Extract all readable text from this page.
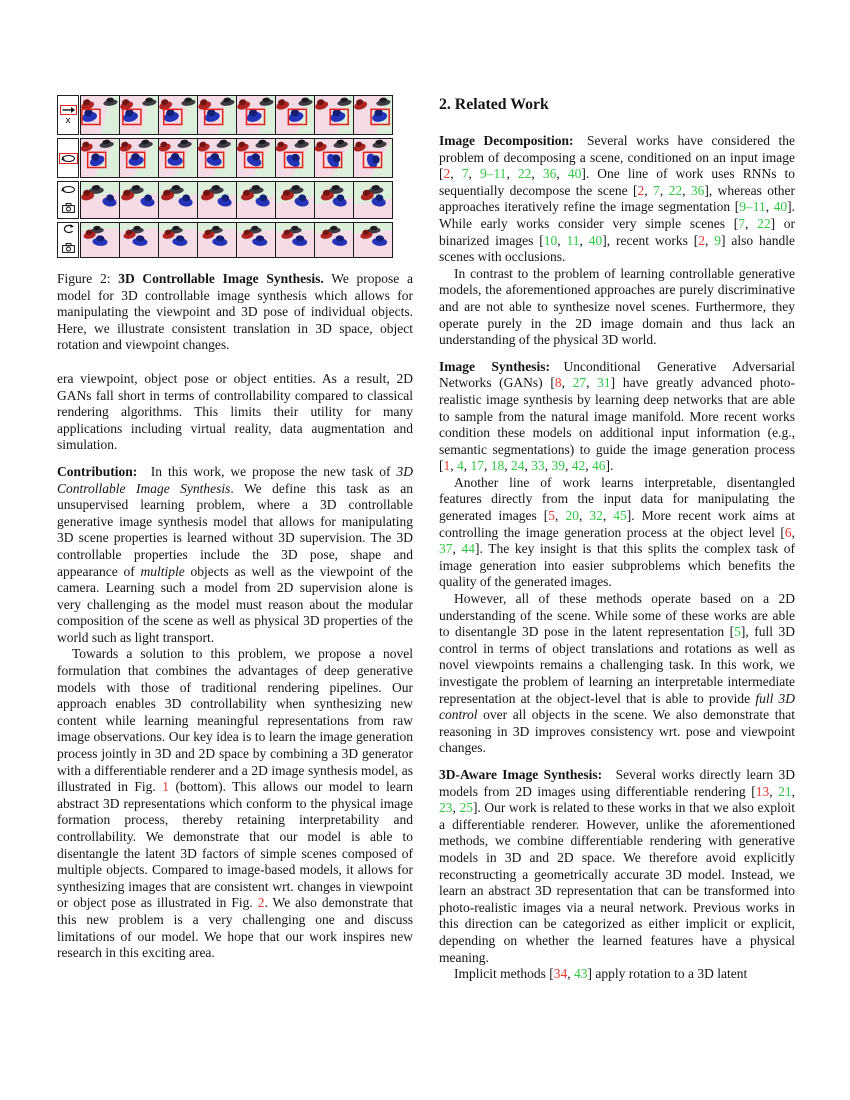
x
Figure 2: 3D Controllable Image Synthesis. We propose a model for 3D controllable image synthesis which allows for manipulating the viewpoint and 3D pose of individual objects. Here, we illustrate consistent translation in 3D space, object rotation and viewpoint changes.
era viewpoint, object pose or object entities. As a result, 2D GANs fall short in terms of controllability compared to classical rendering algorithms. This limits their utility for many applications including virtual reality, data augmentation and simulation.
Contribution:  In this work, we propose the new task of 3D Controllable Image Synthesis. We define this task as an unsupervised learning problem, where a 3D controllable generative image synthesis model that allows for manipulating 3D scene properties is learned without 3D supervision. The 3D controllable properties include the 3D pose, shape and appearance of multiple objects as well as the viewpoint of the camera. Learning such a model from 2D supervision alone is very challenging as the model must reason about the modular composition of the scene as well as physical 3D properties of the world such as light transport.
Towards a solution to this problem, we propose a novel formulation that combines the advantages of deep generative models with those of traditional rendering pipelines. Our approach enables 3D controllability when synthesizing new content while learning meaningful representations from raw image observations. Our key idea is to learn the image generation process jointly in 3D and 2D space by combining a 3D generator with a differentiable renderer and a 2D image synthesis model, as illustrated in Fig. 1 (bottom). This allows our model to learn abstract 3D representations which conform to the physical image formation process, thereby retaining interpretability and controllability. We demonstrate that our model is able to disentangle the latent 3D factors of simple scenes composed of multiple objects. Compared to image-based models, it allows for synthesizing images that are consistent wrt. changes in viewpoint or object pose as illustrated in Fig. 2. We also demonstrate that this new problem is a very challenging one and discuss limitations of our model. We hope that our work inspires new research in this exciting area.
2. Related Work
Image Decomposition:  Several works have considered the problem of decomposing a scene, conditioned on an input image [2, 7, 9–11, 22, 36, 40]. One line of work uses RNNs to sequentially decompose the scene [2, 7, 22, 36], whereas other approaches iteratively refine the image segmentation [9–11, 40]. While early works consider very simple scenes [7, 22] or binarized images [10, 11, 40], recent works [2, 9] also handle scenes with occlusions.
In contrast to the problem of learning controllable generative models, the aforementioned approaches are purely discriminative and are not able to synthesize novel scenes. Furthermore, they operate purely in the 2D image domain and thus lack an understanding of the physical 3D world.
Image Synthesis:  Unconditional Generative Adversarial Networks (GANs) [8, 27, 31] have greatly advanced photo-realistic image synthesis by learning deep networks that are able to sample from the natural image manifold. More recent works condition these models on additional input information (e.g., semantic segmentations) to guide the image generation process [1, 4, 17, 18, 24, 33, 39, 42, 46].
Another line of work learns interpretable, disentangled features directly from the input data for manipulating the generated images [5, 20, 32, 45]. More recent work aims at controlling the image generation process at the object level [6, 37, 44]. The key insight is that this splits the complex task of image generation into easier subproblems which benefits the quality of the generated images.
However, all of these methods operate based on a 2D understanding of the scene. While some of these works are able to disentangle 3D pose in the latent representation [5], full 3D control in terms of object translations and rotations as well as novel viewpoints remains a challenging task. In this work, we investigate the problem of learning an interpretable intermediate representation at the object-level that is able to provide full 3D control over all objects in the scene. We also demonstrate that reasoning in 3D improves consistency wrt. pose and viewpoint changes.
3D-Aware Image Synthesis:  Several works directly learn 3D models from 2D images using differentiable rendering [13, 21, 23, 25]. Our work is related to these works in that we also exploit a differentiable renderer. However, unlike the aforementioned methods, we combine differentiable rendering with generative models in 3D and 2D space. We therefore avoid explicitly reconstructing a geometrically accurate 3D model. Instead, we learn an abstract 3D representation that can be transformed into photo-realistic images via a neural network. Previous works in this direction can be categorized as either implicit or explicit, depending on whether the learned features have a physical meaning.
Implicit methods [34, 43] apply rotation to a 3D latent
